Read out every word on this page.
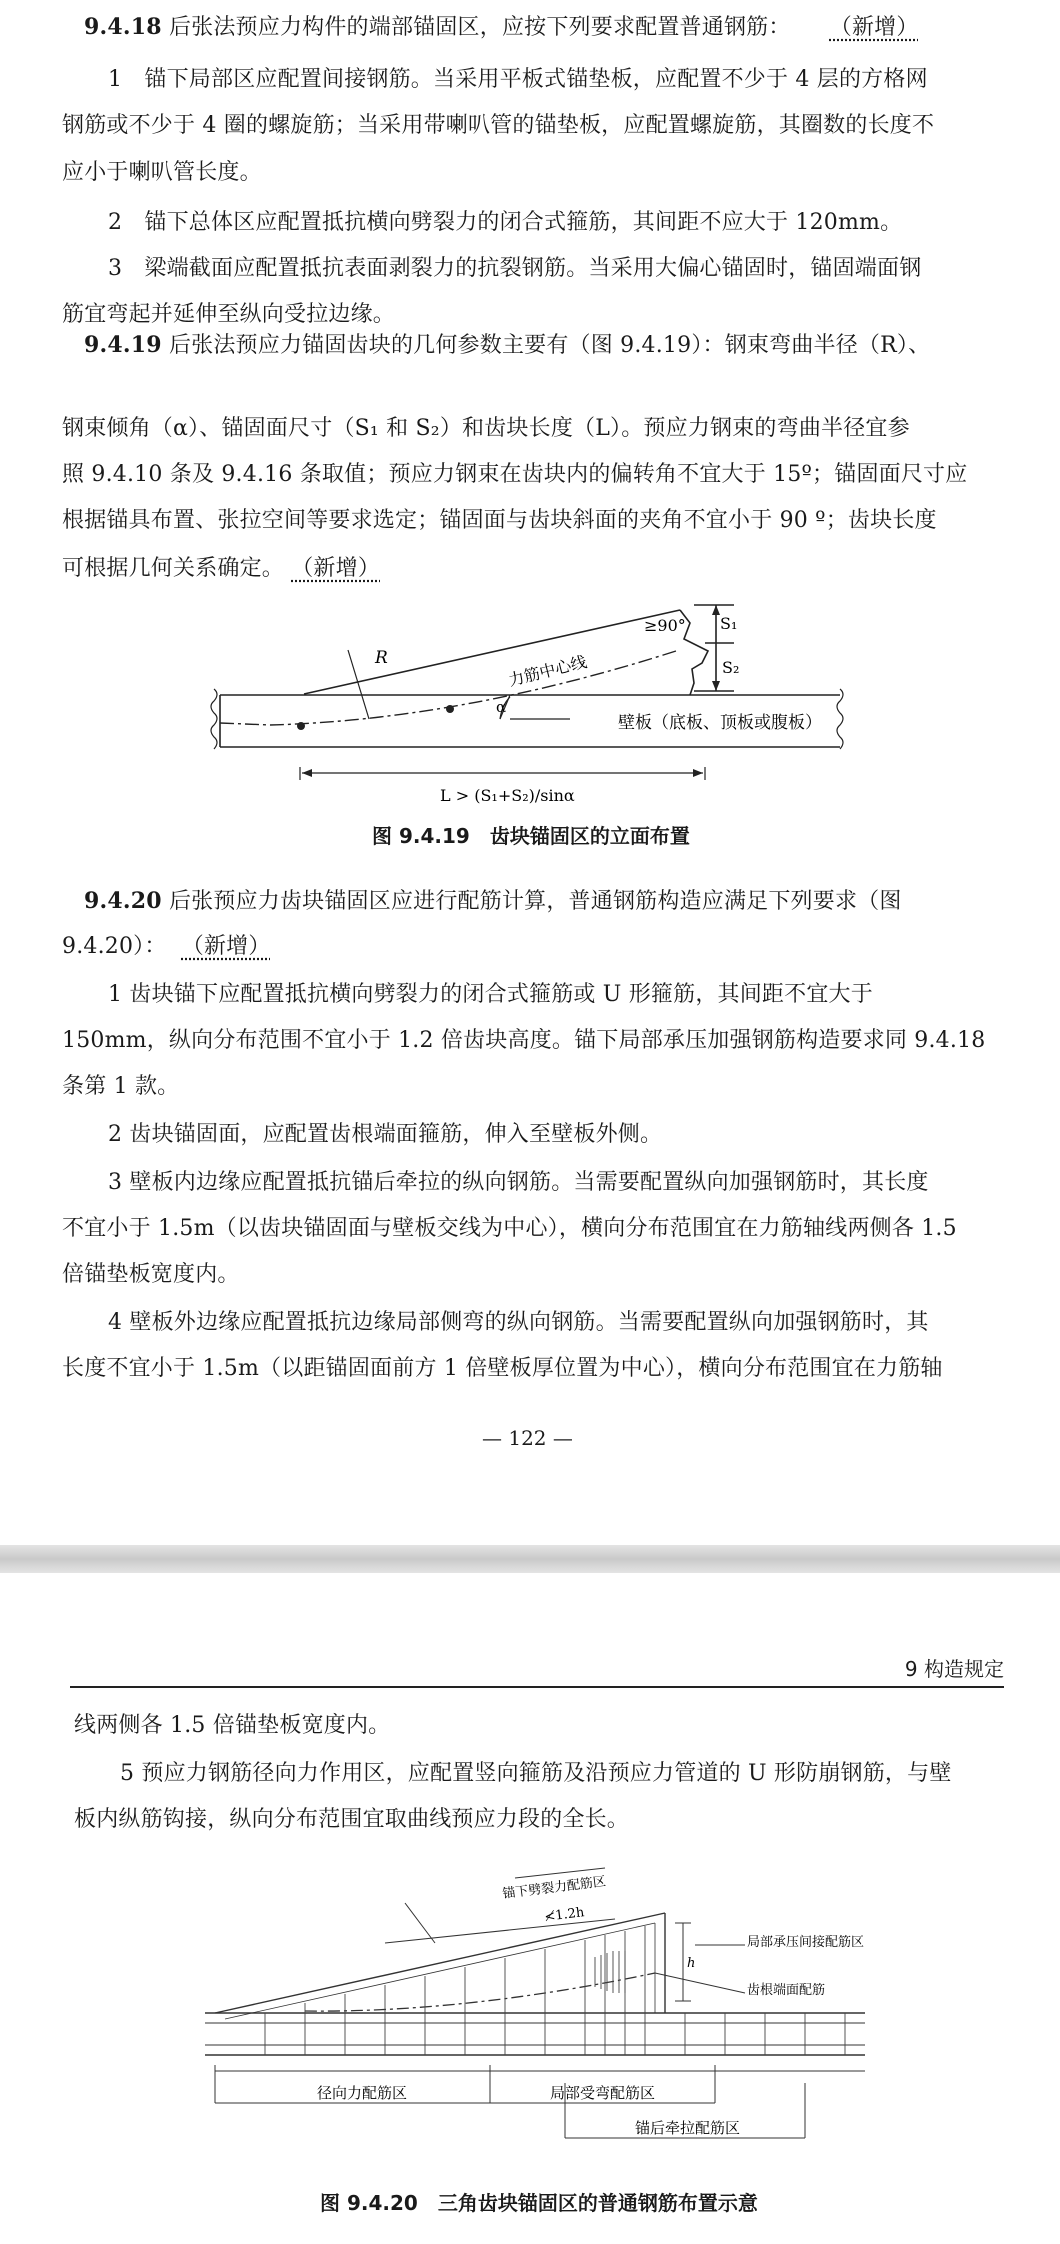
9.4.18 后张法预应力构件的端部锚固区，应按下列要求配置普通钢筋： （新增）
1　锚下局部区应配置间接钢筋。当采用平板式锚垫板，应配置不少于 4 层的方格网
钢筋或不少于 4 圈的螺旋筋；当采用带喇叭管的锚垫板，应配置螺旋筋，其圈数的长度不
应小于喇叭管长度。
2　锚下总体区应配置抵抗横向劈裂力的闭合式箍筋，其间距不应大于 120mm。
3　梁端截面应配置抵抗表面剥裂力的抗裂钢筋。当采用大偏心锚固时，锚固端面钢
筋宜弯起并延伸至纵向受拉边缘。
9.4.19 后张法预应力锚固齿块的几何参数主要有（图 9.4.19）：钢束弯曲半径（R）、
钢束倾角（α）、锚固面尺寸（S₁ 和 S₂）和齿块长度（L）。预应力钢束的弯曲半径宜参
照 9.4.10 条及 9.4.16 条取值；预应力钢束在齿块内的偏转角不宜大于 15º；锚固面尺寸应
根据锚具布置、张拉空间等要求选定；锚固面与齿块斜面的夹角不宜小于 90 º；齿块长度
可根据几何关系确定。 （新增）
R
≥90° S₁
S₂
力筋中心线
α
壁板（底板、顶板或腹板）
L > (S₁+S₂)/sinα
图 9.4.19　齿块锚固区的立面布置
9.4.20 后张预应力齿块锚固区应进行配筋计算，普通钢筋构造应满足下列要求（图
9.4.20）： （新增）
1 齿块锚下应配置抵抗横向劈裂力的闭合式箍筋或 U 形箍筋，其间距不宜大于
150mm，纵向分布范围不宜小于 1.2 倍齿块高度。锚下局部承压加强钢筋构造要求同 9.4.18
条第 1 款。
2 齿块锚固面，应配置齿根端面箍筋，伸入至壁板外侧。
3 壁板内边缘应配置抵抗锚后牵拉的纵向钢筋。当需要配置纵向加强钢筋时，其长度
不宜小于 1.5m（以齿块锚固面与壁板交线为中心），横向分布范围宜在力筋轴线两侧各 1.5
倍锚垫板宽度内。
4 壁板外边缘应配置抵抗边缘局部侧弯的纵向钢筋。当需要配置纵向加强钢筋时，其
长度不宜小于 1.5m（以距锚固面前方 1 倍壁板厚位置为中心），横向分布范围宜在力筋轴
— 122 —
9 构造规定
线两侧各 1.5 倍锚垫板宽度内。
5 预应力钢筋径向力作用区，应配置竖向箍筋及沿预应力管道的 U 形防崩钢筋，与壁
板内纵筋钩接，纵向分布范围宜取曲线预应力段的全长。
锚下劈裂力配筋区
≮1.2h
局部承压间接配筋区
齿根端面配筋
h
径向力配筋区	局部受弯配筋区
锚后牵拉配筋区
图 9.4.20　三角齿块锚固区的普通钢筋布置示意
